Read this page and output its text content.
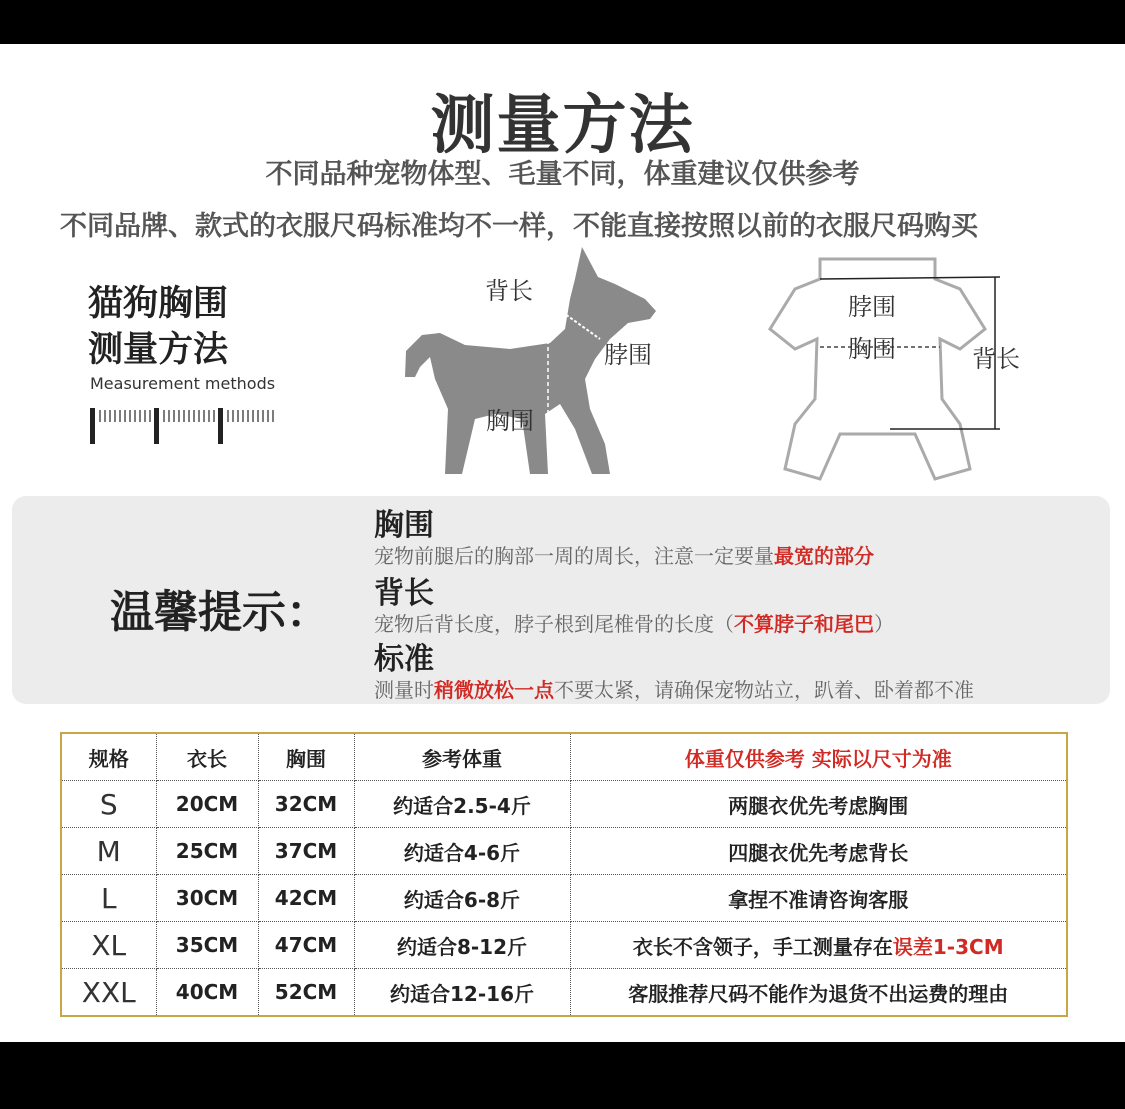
测量方法
不同品种宠物体型、毛量不同，体重建议仅供参考
不同品牌、款式的衣服尺码标准均不一样，不能直接按照以前的衣服尺码购买
猫狗胸围
测量方法
Measurement methods
背长
脖围
胸围
脖围
胸围	背长
温馨提示：
胸围
宠物前腿后的胸部一周的周长，注意一定要量最宽的部分
背长
宠物后背长度，脖子根到尾椎骨的长度（不算脖子和尾巴）
标准
测量时稍微放松一点不要太紧，请确保宠物站立，趴着、卧着都不准
规格	衣长	胸围	参考体重	体重仅供参考 实际以尺寸为准
S	20CM	32CM	约适合2.5-4斤	两腿衣优先考虑胸围
M	25CM	37CM	约适合4-6斤	四腿衣优先考虑背长
L	30CM	42CM	约适合6-8斤	拿捏不准请咨询客服
XL	35CM	47CM	约适合8-12斤	衣长不含领子，手工测量存在误差1-3CM
XXL	40CM	52CM	约适合12-16斤	客服推荐尺码不能作为退货不出运费的理由
